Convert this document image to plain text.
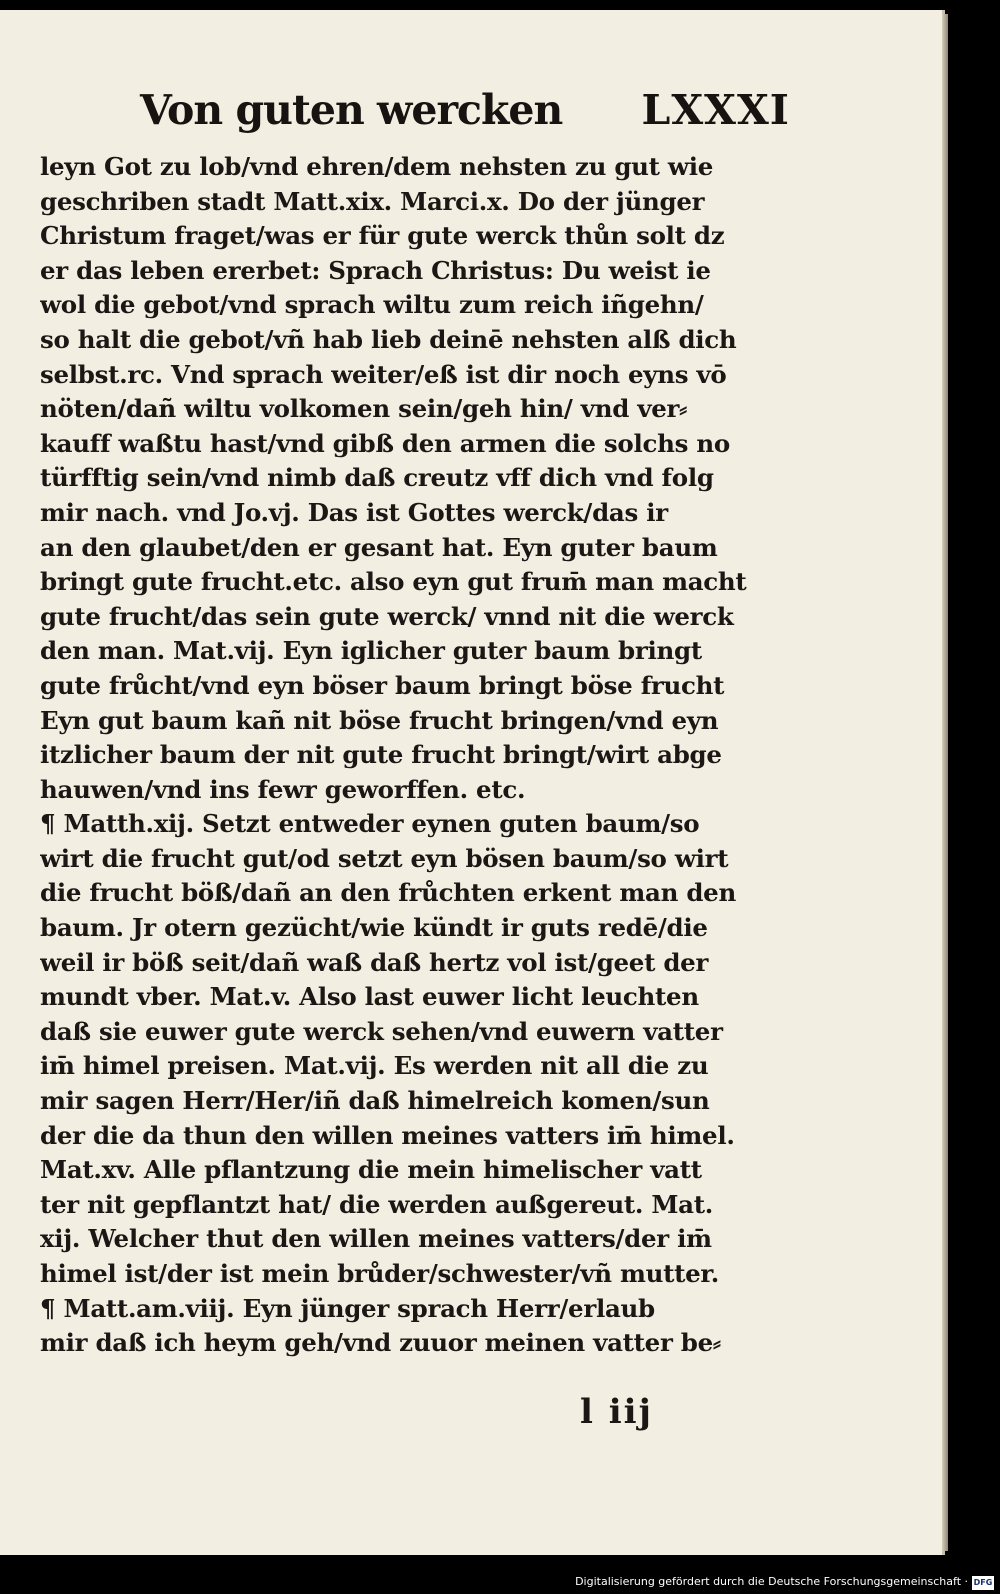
Von guten wercken LXXXI
leyn Got zu lob/vnd ehren/dem nehsten zu gut wie
geschriben stadt Matt.xix. Marci.x. Do der jünger
Christum fraget/was er für gute werck thůn solt dz
er das leben ererbet: Sprach Christus: Du weist ie
wol die gebot/vnd sprach wiltu zum reich iñgehn/
so halt die gebot/vñ hab lieb deinē nehsten alß dich
selbst.rc. Vnd sprach weiter/eß ist dir noch eyns vō
nöten/dañ wiltu volkomen sein/geh hin/ vnd ver⸗
kauff waßtu hast/vnd gibß den armen die solchs no
türfftig sein/vnd nimb daß creutz vff dich vnd folg
mir nach. vnd Jo.vj. Das ist Gottes werck/das ir
an den glaubet/den er gesant hat. Eyn guter baum
bringt gute frucht.etc. also eyn gut frum̄ man macht
gute frucht/das sein gute werck/ vnnd nit die werck
den man. Mat.vij. Eyn iglicher guter baum bringt
gute frůcht/vnd eyn böser baum bringt böse frucht
Eyn gut baum kañ nit böse frucht bringen/vnd eyn
itzlicher baum der nit gute frucht bringt/wirt abge
hauwen/vnd ins fewr geworffen. etc.
¶ Matth.xij. Setzt entweder eynen guten baum/so
wirt die frucht gut/od setzt eyn bösen baum/so wirt
die frucht böß/dañ an den frůchten erkent man den
baum. Jr otern gezücht/wie kündt ir guts redē/die
weil ir böß seit/dañ waß daß hertz vol ist/geet der
mundt vber. Mat.v. Also last euwer licht leuchten
daß sie euwer gute werck sehen/vnd euwern vatter
im̄ himel preisen. Mat.vij. Es werden nit all die zu
mir sagen Herr/Her/iñ daß himelreich komen/sun
der die da thun den willen meines vatters im̄ himel.
Mat.xv. Alle pflantzung die mein himelischer vatt
ter nit gepflantzt hat/ die werden außgereut. Mat.
xij. Welcher thut den willen meines vatters/der im̄
himel ist/der ist mein brůder/schwester/vñ mutter.
¶ Matt.am.viij. Eyn jünger sprach Herr/erlaub
mir daß ich heym geh/vnd zuuor meinen vatter be⸗
l iij
Digitalisierung gefördert durch die Deutsche Forschungsgemeinschaft · DFG
